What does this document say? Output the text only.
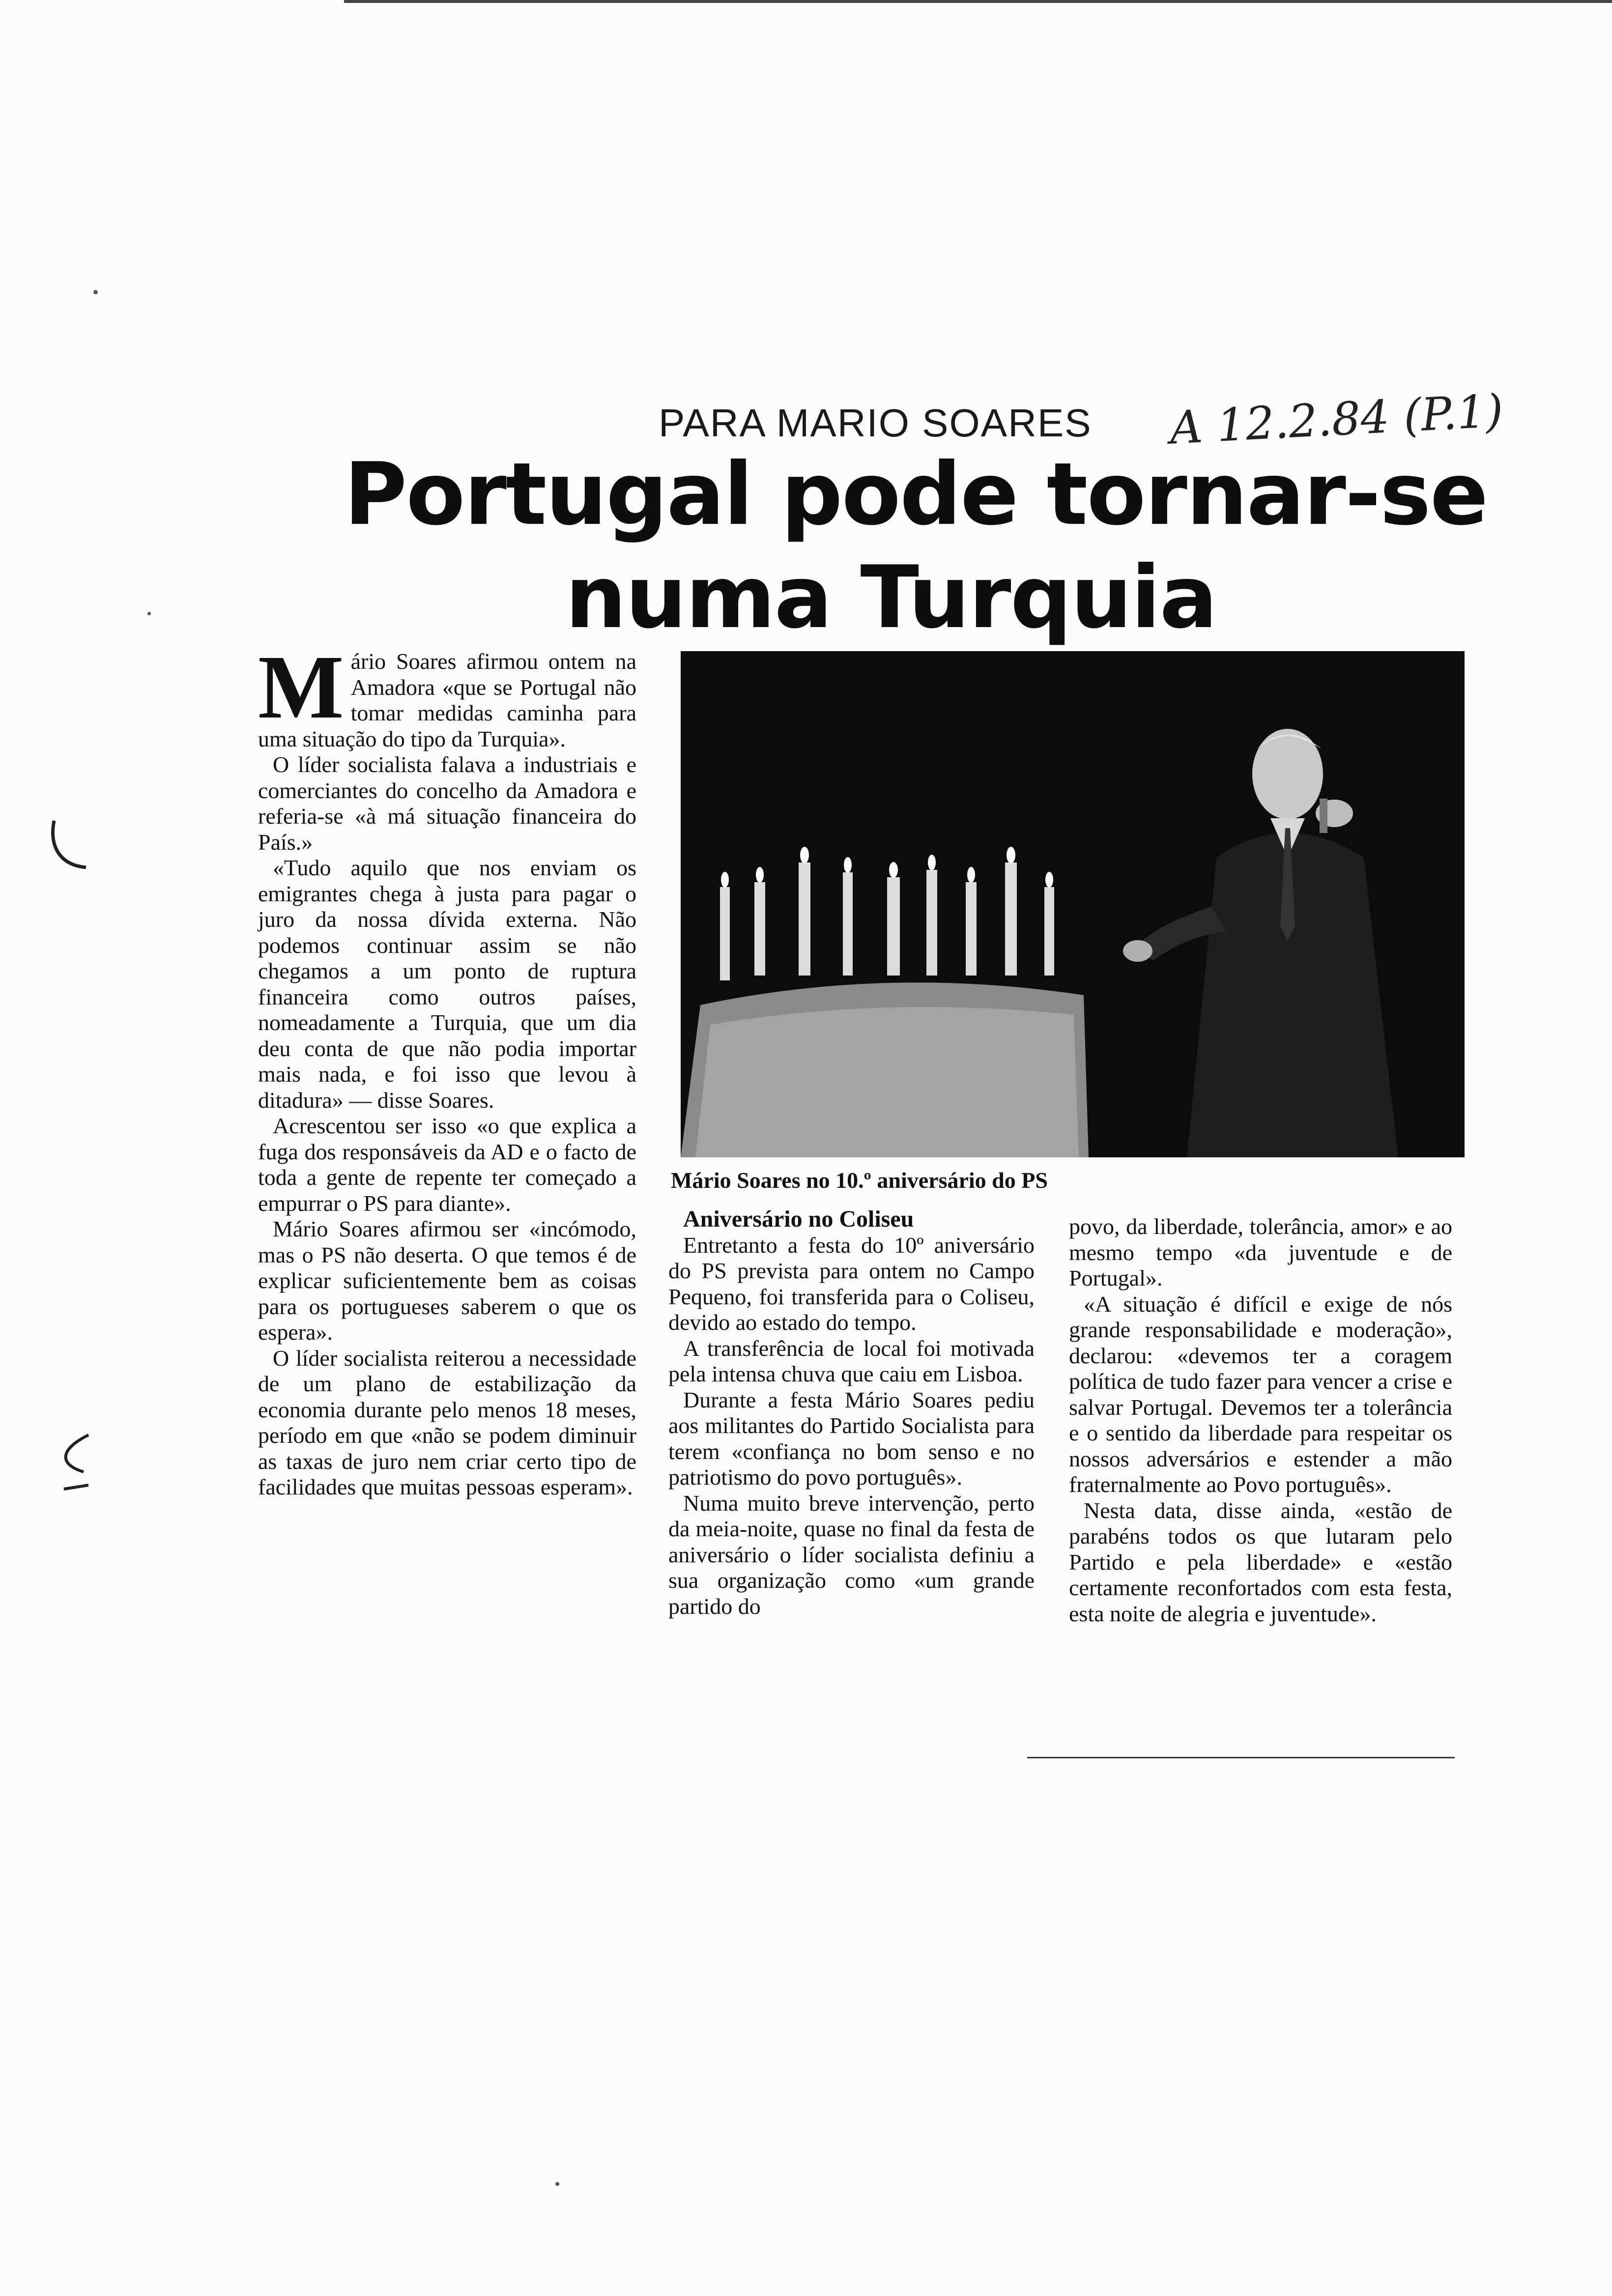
PARA MARIO SOARES A 12.2.84 (P.1)
Portugal pode tornar-se
numa Turquia
M ário Soares afirmou ontem na Amadora «que se Portugal não tomar medidas caminha para uma situação do tipo da Turquia».

O líder socialista falava a industriais e comerciantes do concelho da Amadora e referia-se «à má situação financeira do País.»

«Tudo aquilo que nos enviam os emigrantes chega à justa para pagar o juro da nossa dívida externa. Não podemos continuar assim se não chegamos a um ponto de ruptura financeira como outros países, nomeadamente a Turquia, que um dia deu conta de que não podia importar mais nada, e foi isso que levou à ditadura» — disse Soares.

Acrescentou ser isso «o que explica a fuga dos responsáveis da AD e o facto de toda a gente de repente ter começado a empurrar o PS para diante».

Mário Soares afirmou ser «incómodo, mas o PS não deserta. O que temos é de explicar suficientemente bem as coisas para os portugueses saberem o que os espera».

O líder socialista reiterou a necessidade de um plano de estabilização da economia durante pelo menos 18 meses, período em que «não se podem diminuir as taxas de juro nem criar certo tipo de facilidades que muitas pessoas esperam».

Mário Soares no 10.º aniversário do PS

Aniversário no Coliseu

Entretanto a festa do 10º aniversário do PS prevista para ontem no Campo Pequeno, foi transferida para o Coliseu, devido ao estado do tempo.

A transferência de local foi motivada pela intensa chuva que caiu em Lisboa.

Durante a festa Mário Soares pediu aos militantes do Partido Socialista para terem «confiança no bom senso e no patriotismo do povo português».

Numa muito breve intervenção, perto da meia-noite, quase no final da festa de aniversário o líder socialista definiu a sua organização como «um grande partido do

povo, da liberdade, tolerância, amor» e ao mesmo tempo «da juventude e de Portugal».

«A situação é difícil e exige de nós grande responsabilidade e moderação», declarou: «devemos ter a coragem política de tudo fazer para vencer a crise e salvar Portugal. Devemos ter a tolerância e o sentido da liberdade para respeitar os nossos adversários e estender a mão fraternalmente ao Povo português».

Nesta data, disse ainda, «estão de parabéns todos os que lutaram pelo Partido e pela liberdade» e «estão certamente reconfortados com esta festa, esta noite de alegria e juventude».
